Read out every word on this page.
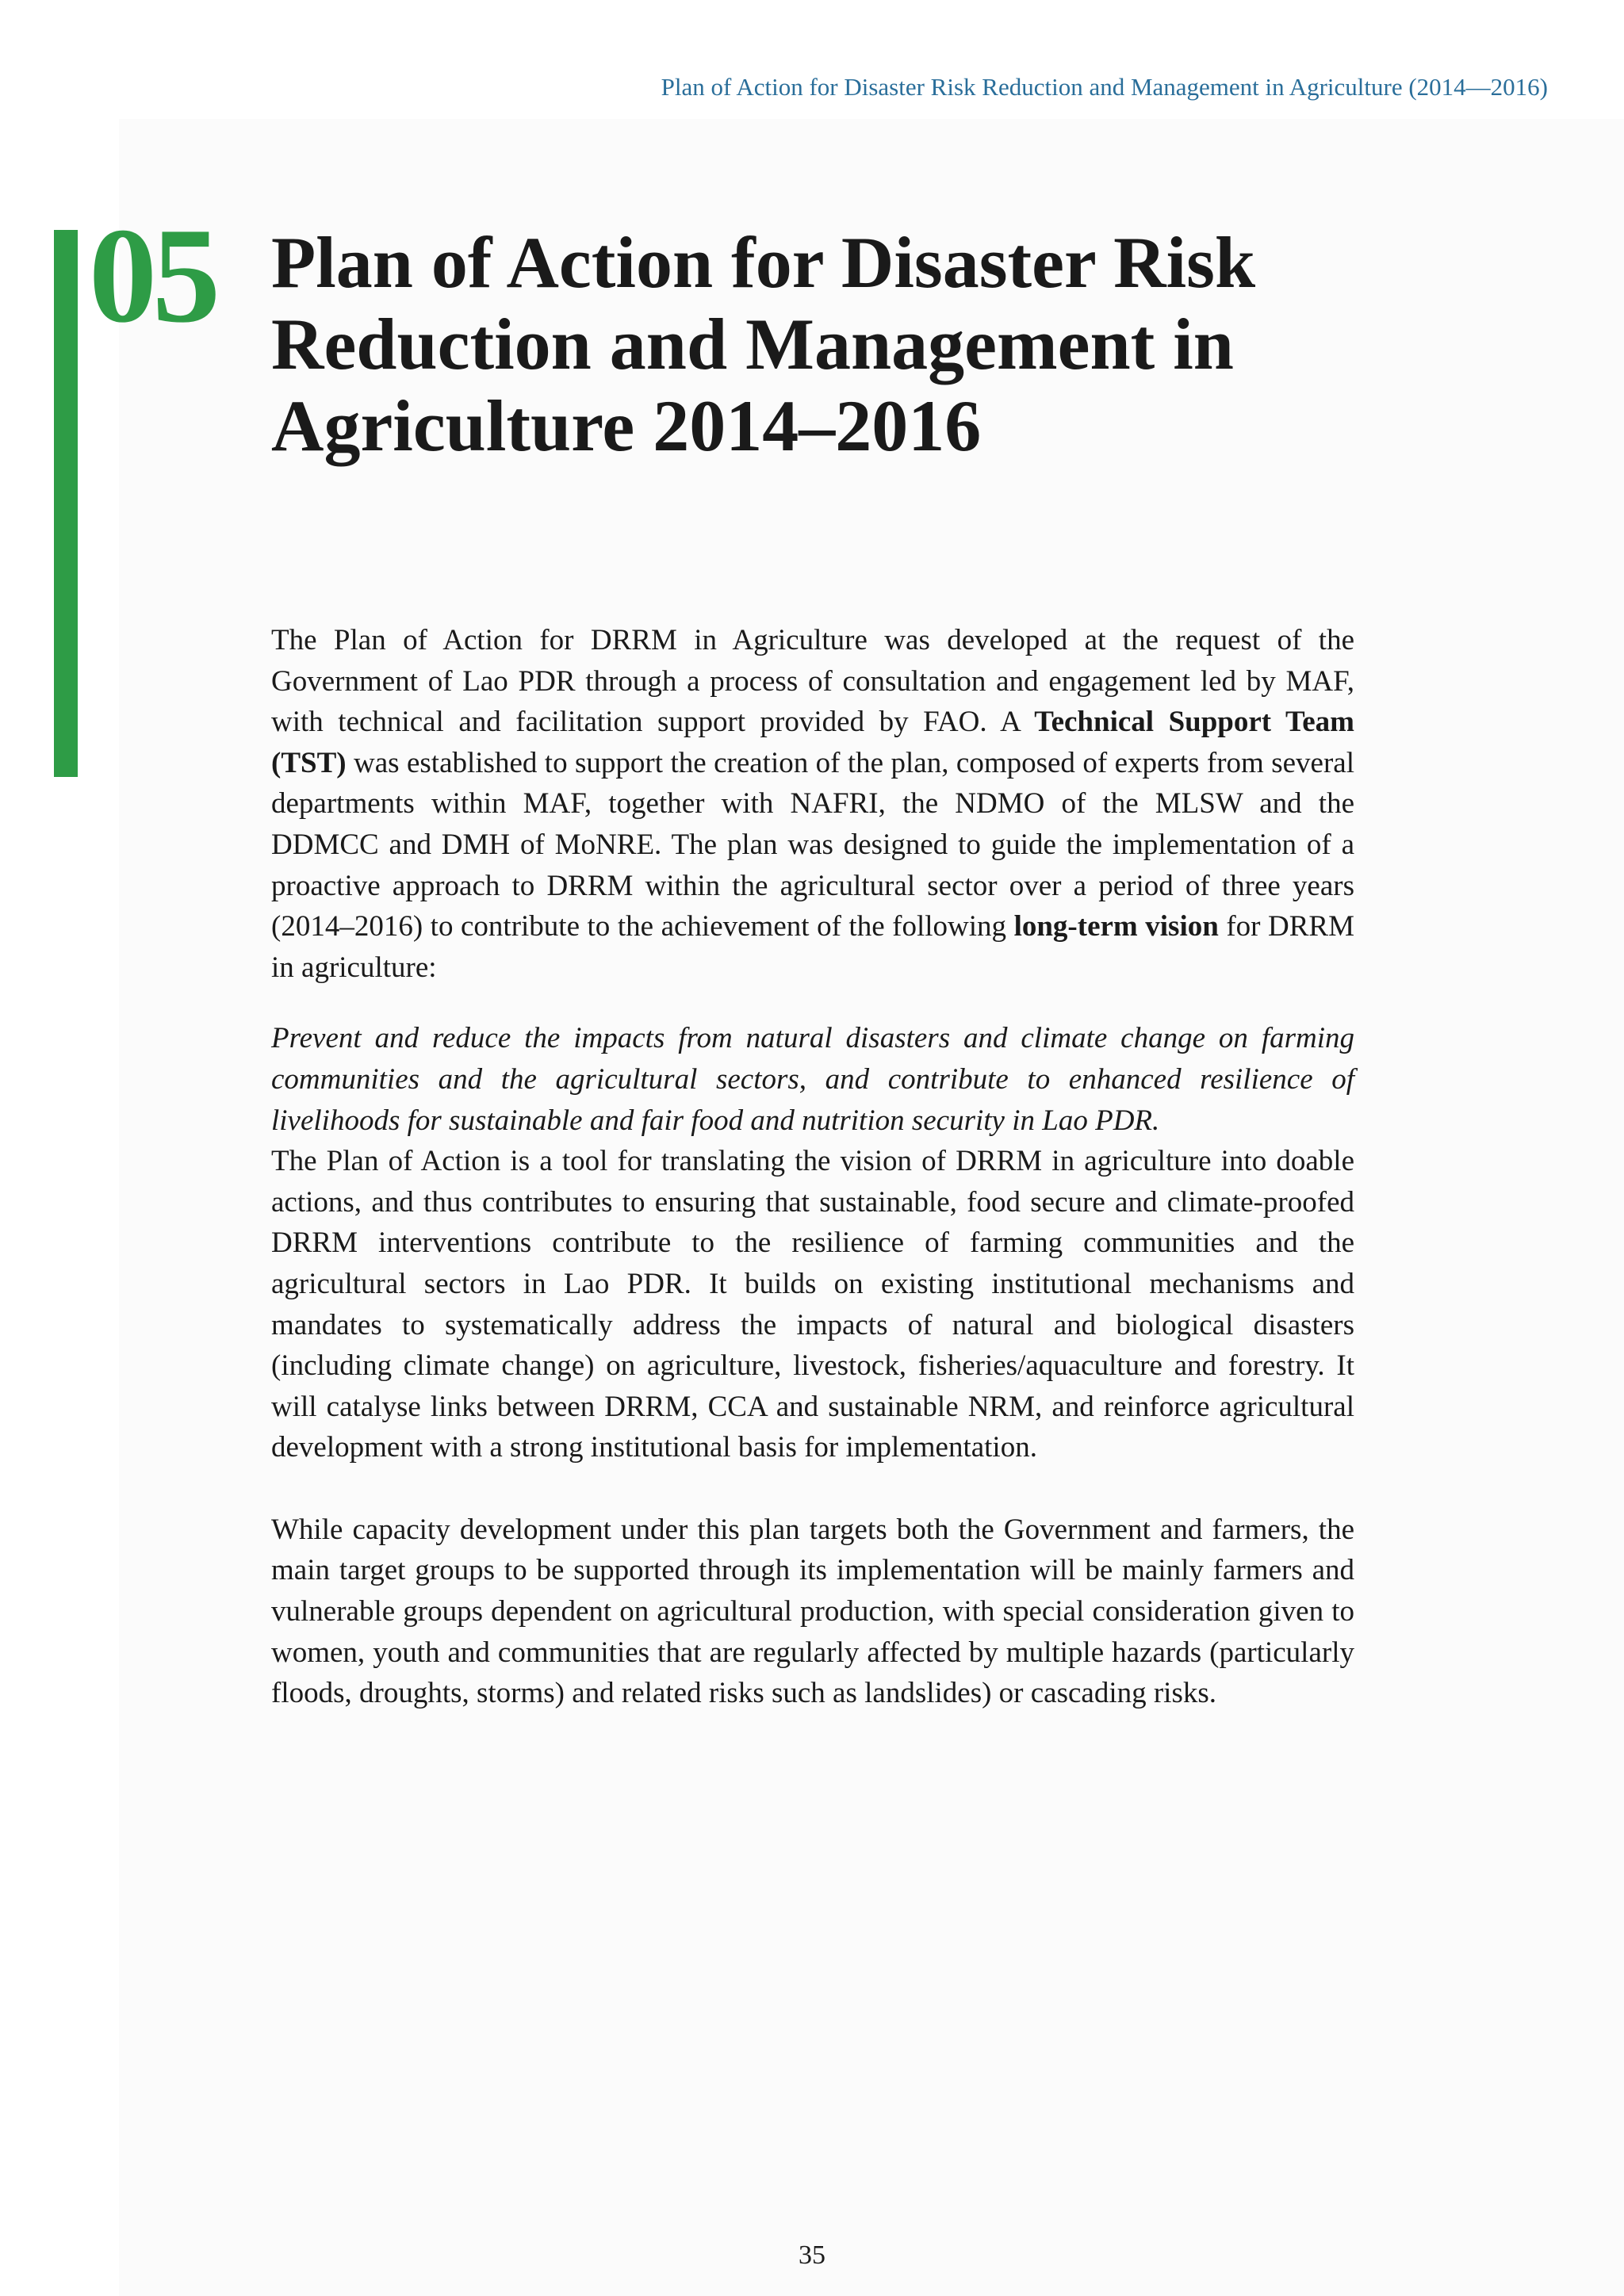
Plan of Action for Disaster Risk Reduction and Management in Agriculture (2014—2016)
05 Plan of Action for Disaster Risk Reduction and Management in Agriculture 2014–2016

The Plan of Action for DRRM in Agriculture was developed at the request of the Government of Lao PDR through a process of consultation and engagement led by MAF, with technical and facilitation support provided by FAO. A Technical Support Team (TST) was established to support the creation of the plan, composed of experts from several departments within MAF, together with NAFRI, the NDMO of the MLSW and the DDMCC and DMH of MoNRE. The plan was designed to guide the implementation of a proactive approach to DRRM within the agricultural sector over a period of three years (2014–2016) to contribute to the achievement of the following long-term vision for DRRM in agriculture:

Prevent and reduce the impacts from natural disasters and climate change on farming communities and the agricultural sectors, and contribute to enhanced resilience of livelihoods for sustainable and fair food and nutrition security in Lao PDR.

The Plan of Action is a tool for translating the vision of DRRM in agriculture into doable actions, and thus contributes to ensuring that sustainable, food secure and climate-proofed DRRM interventions contribute to the resilience of farming communities and the agricultural sectors in Lao PDR. It builds on existing institutional mechanisms and mandates to systematically address the impacts of natural and biological disasters (including climate change) on agriculture, livestock, fisheries/aquaculture and forestry. It will catalyse links between DRRM, CCA and sustainable NRM, and reinforce agricultural development with a strong institutional basis for implementation.

While capacity development under this plan targets both the Government and farmers, the main target groups to be supported through its implementation will be mainly farmers and vulnerable groups dependent on agricultural production, with special consideration given to women, youth and communities that are regularly affected by multiple hazards (particularly floods, droughts, storms) and related risks such as landslides) or cascading risks.

35
